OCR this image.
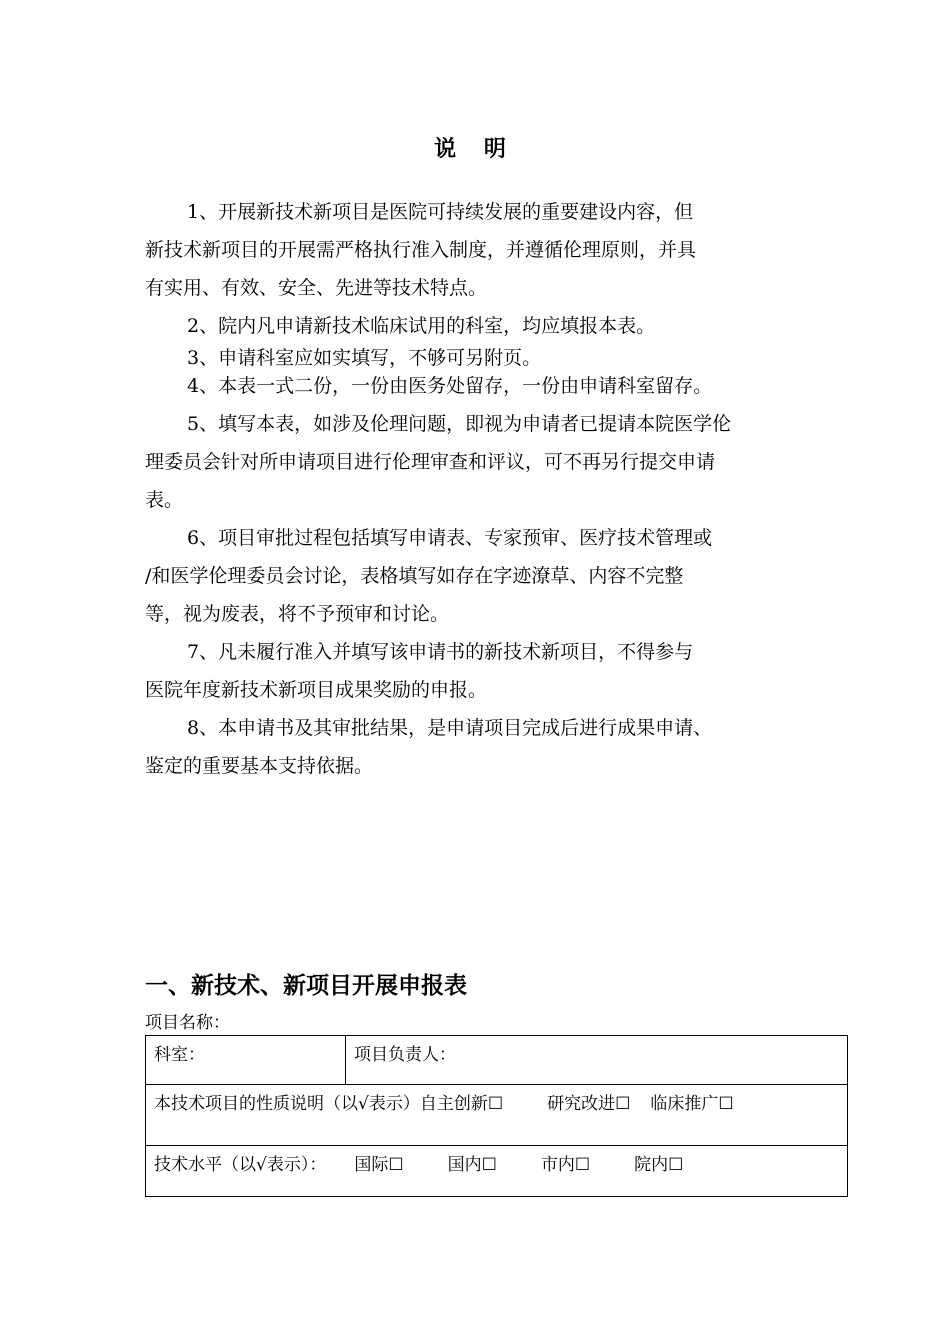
说 明
1、开展新技术新项目是医院可持续发展的重要建设内容，但
新技术新项目的开展需严格执行准入制度，并遵循伦理原则，并具
有实用、有效、安全、先进等技术特点。
2、院内凡申请新技术临床试用的科室，均应填报本表。
3、申请科室应如实填写，不够可另附页。
4、本表一式二份，一份由医务处留存，一份由申请科室留存。
5、填写本表，如涉及伦理问题，即视为申请者已提请本院医学伦
理委员会针对所申请项目进行伦理审查和评议，可不再另行提交申请
表。
6、项目审批过程包括填写申请表、专家预审、医疗技术管理或
/和医学伦理委员会讨论，表格填写如存在字迹潦草、内容不完整
等，视为废表，将不予预审和讨论。
7、凡未履行准入并填写该申请书的新技术新项目，不得参与
医院年度新技术新项目成果奖励的申报。
8、本申请书及其审批结果，是申请项目完成后进行成果申请、
鉴定的重要基本支持依据。
一、新技术、新项目开展申报表
项目名称：
科室：	项目负责人：
本技术项目的性质说明（以√表示）自主创新☐	研究改进☐ 临床推广☐
技术水平（以√表示）： 国际☐	国内☐	市内☐	院内☐
